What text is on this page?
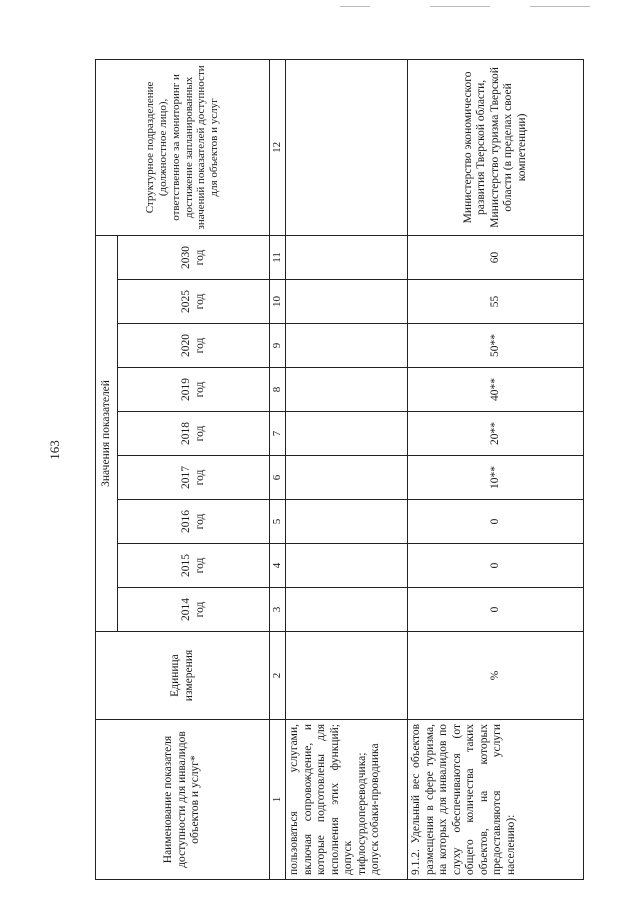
163
Наименование показателя доступности для инвалидов объектов и услуг*	Единица измерения	Значения показателей									Структурное подразделение (должностное лицо), ответственное за мониторинг и достижение запланированных значений показателей доступности для объектов и услуг
		2014 год	2015 год	2016 год	2017 год	2018 год	2019 год	2020 год	2025 год	2030 год	
1	2	3	4	5	6	7	8	9	10	11	12
пользоваться услугами, включая сопровождение, и которые подготовлены для исполнения этих функций; допуск тифлосурдопереводчика; допуск собаки-проводника											
9.1.2. Удельный вес объектов размещения в сфере туризма, на которых для инвалидов по слуху обеспечиваются (от общего количества таких объектов, на которых предоставляются услуги населению):	%	0	0	0	10**	20**	40**	50**	55	60	Министерство экономического развития Тверской области, Министерство туризма Тверской области (в пределах своей компетенции)
